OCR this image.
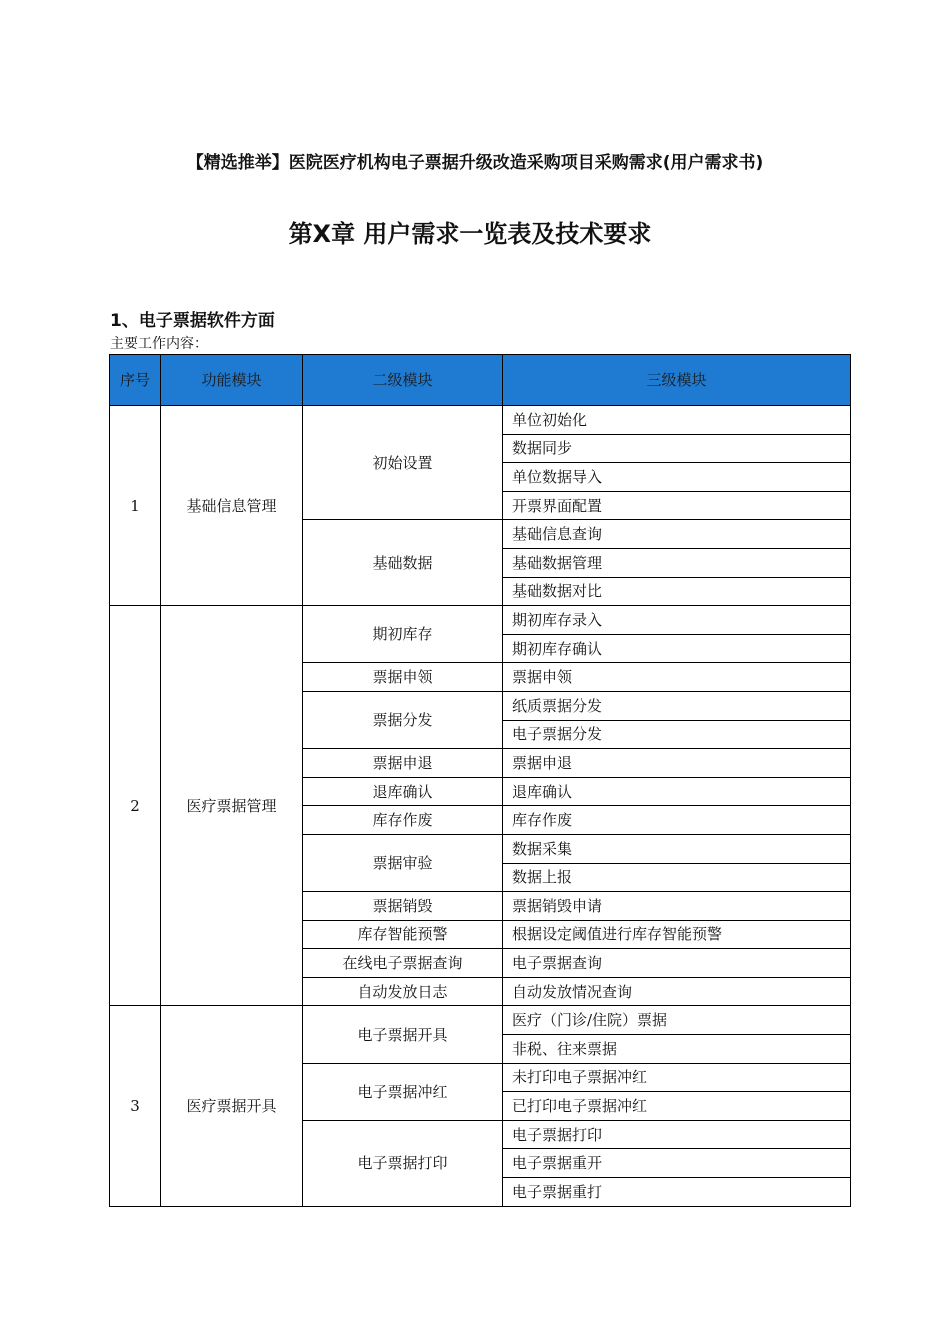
【精选推举】医院医疗机构电子票据升级改造采购项目采购需求(用户需求书)
第X章 用户需求一览表及技术要求
1、电子票据软件方面
主要工作内容：
序号	功能模块	二级模块	三级模块
1	基础信息管理	初始设置	单位初始化
			数据同步
			单位数据导入
			开票界面配置
		基础数据	基础信息查询
			基础数据管理
			基础数据对比
2	医疗票据管理	期初库存	期初库存录入
			期初库存确认
		票据申领	票据申领
		票据分发	纸质票据分发
			电子票据分发
		票据申退	票据申退
		退库确认	退库确认
		库存作废	库存作废
		票据审验	数据采集
			数据上报
		票据销毁	票据销毁申请
		库存智能预警	根据设定阈值进行库存智能预警
		在线电子票据查询	电子票据查询
		自动发放日志	自动发放情况查询
3	医疗票据开具	电子票据开具	医疗（门诊/住院）票据
			非税、往来票据
		电子票据冲红	未打印电子票据冲红
			已打印电子票据冲红
		电子票据打印	电子票据打印
			电子票据重开
			电子票据重打
